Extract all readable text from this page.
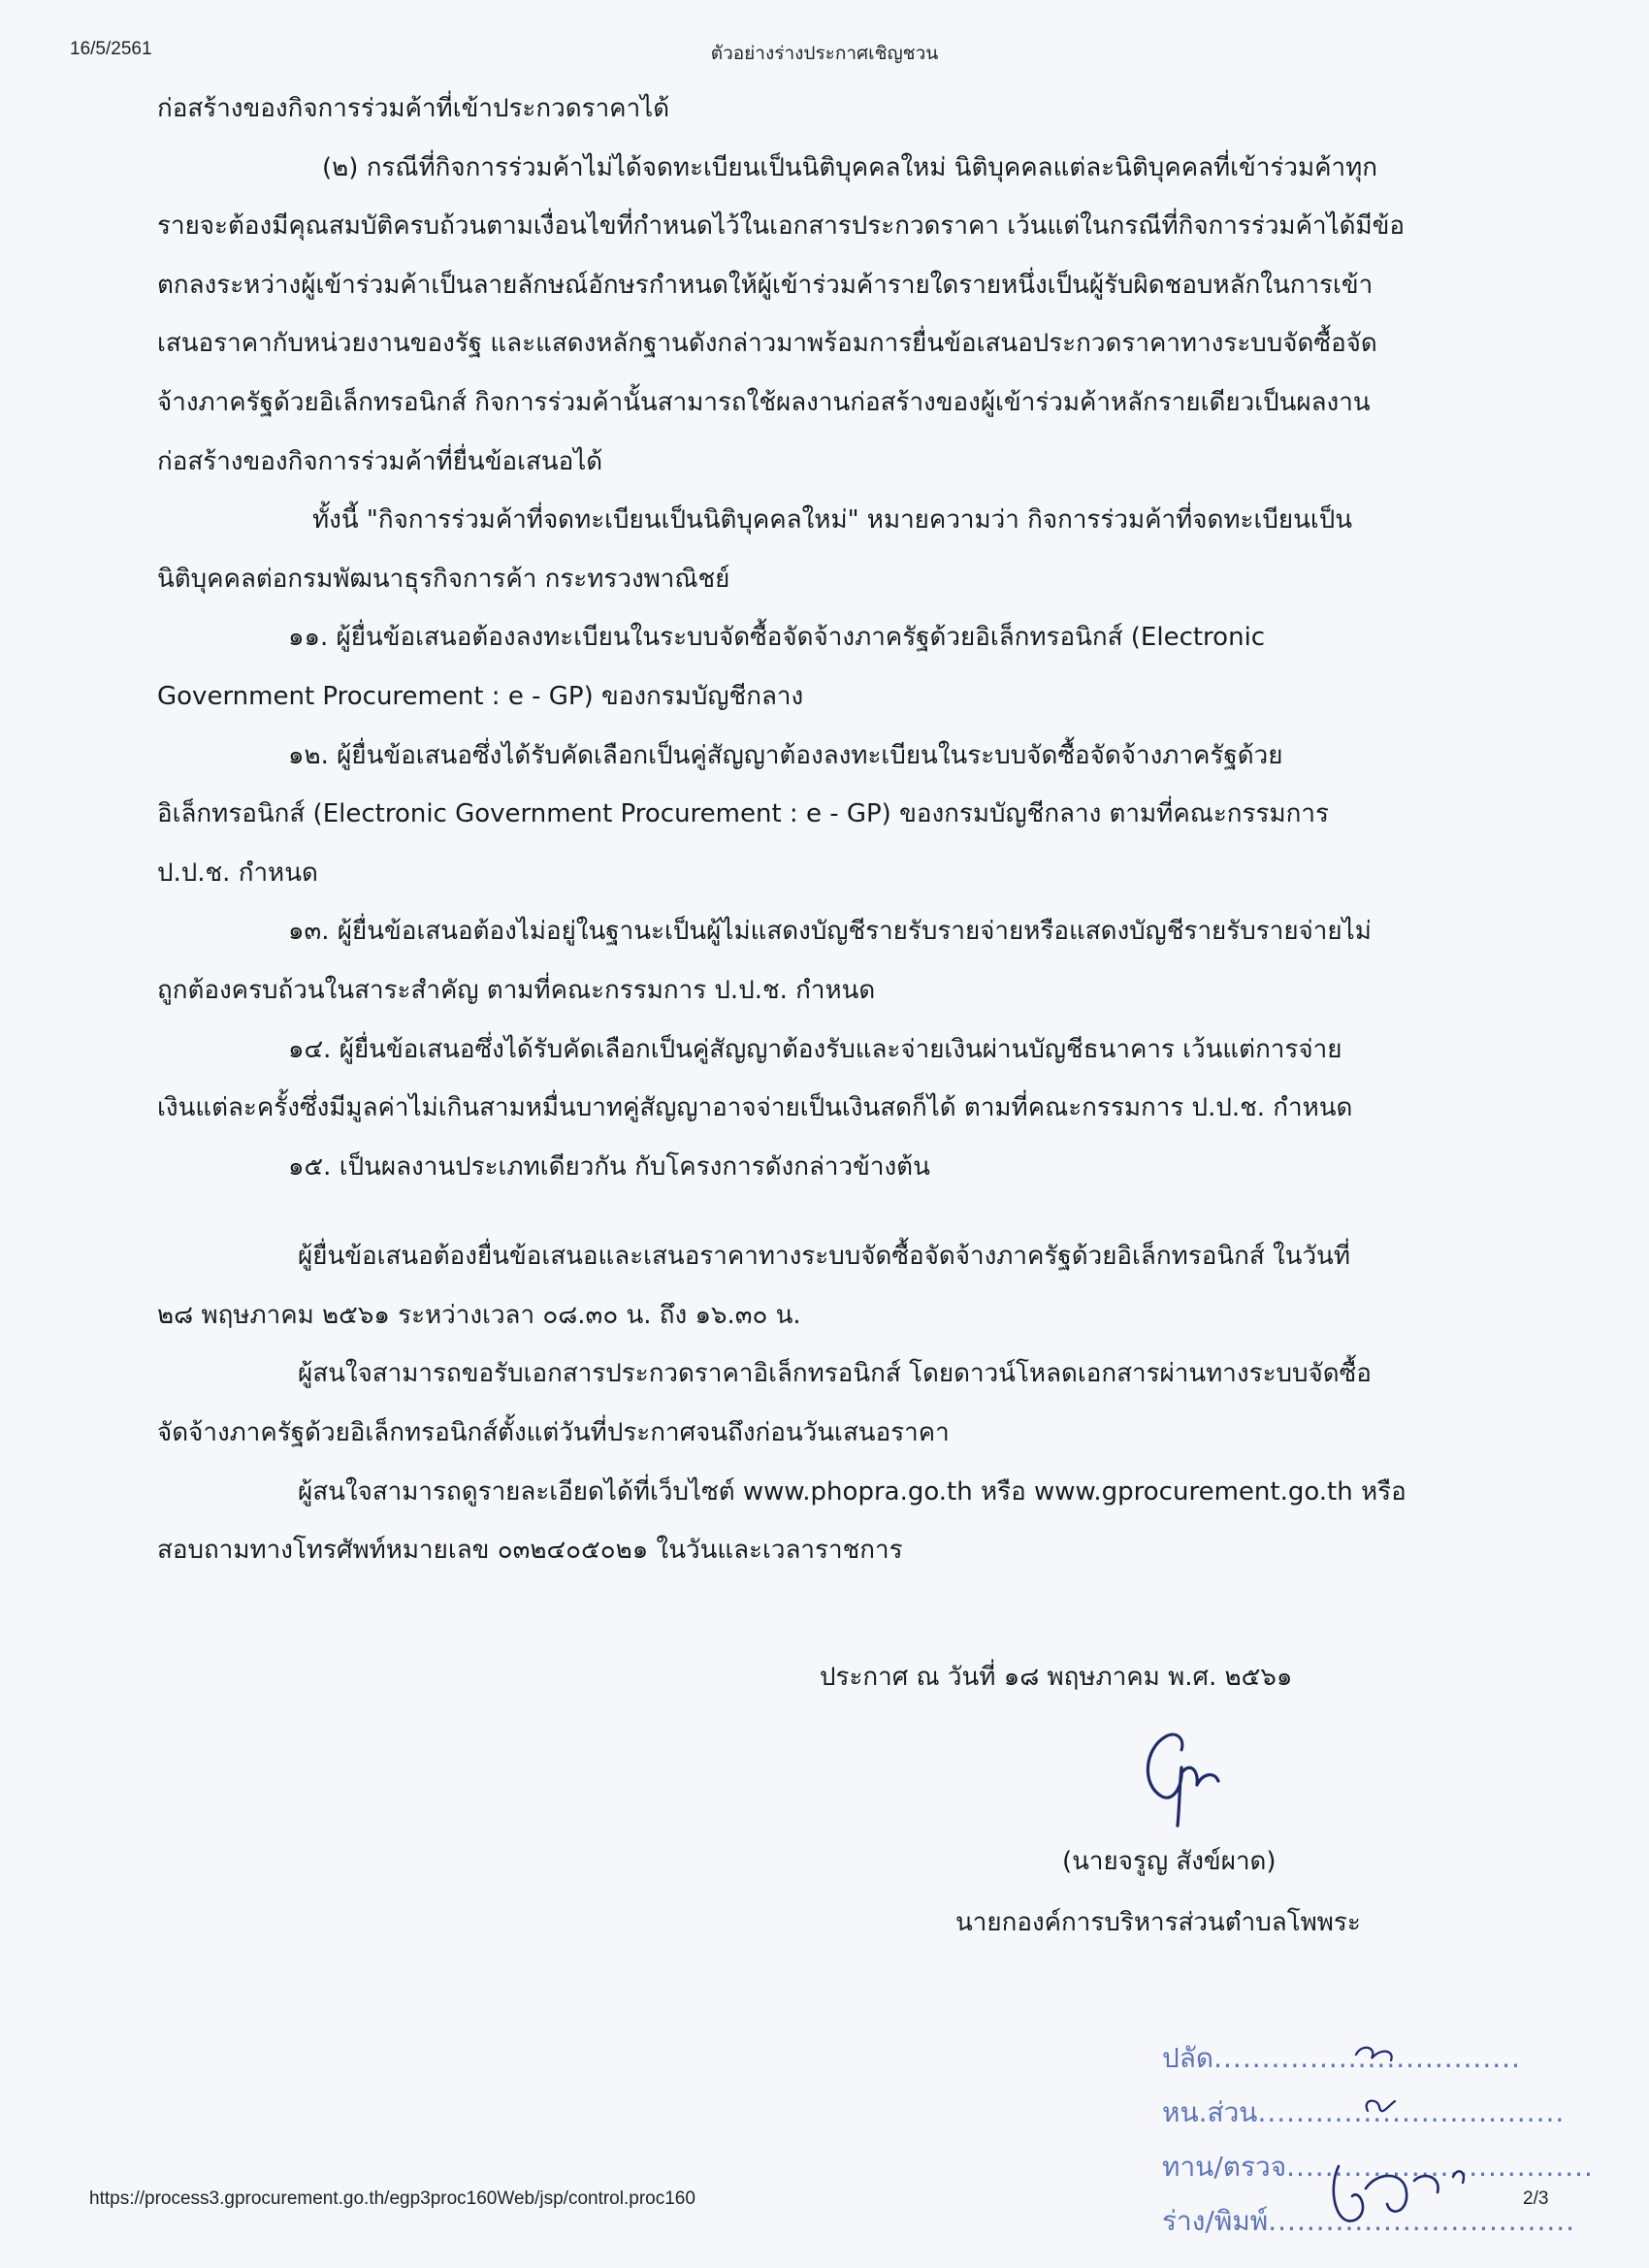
16/5/2561	ตัวอย่างร่างประกาศเชิญชวน
ก่อสร้างของกิจการร่วมค้าที่เข้าประกวดราคาได้
(๒) กรณีที่กิจการร่วมค้าไม่ได้จดทะเบียนเป็นนิติบุคคลใหม่ นิติบุคคลแต่ละนิติบุคคลที่เข้าร่วมค้าทุก
รายจะต้องมีคุณสมบัติครบถ้วนตามเงื่อนไขที่กำหนดไว้ในเอกสารประกวดราคา เว้นแต่ในกรณีที่กิจการร่วมค้าได้มีข้อ
ตกลงระหว่างผู้เข้าร่วมค้าเป็นลายลักษณ์อักษรกำหนดให้ผู้เข้าร่วมค้ารายใดรายหนึ่งเป็นผู้รับผิดชอบหลักในการเข้า
เสนอราคากับหน่วยงานของรัฐ และแสดงหลักฐานดังกล่าวมาพร้อมการยื่นข้อเสนอประกวดราคาทางระบบจัดซื้อจัด
จ้างภาครัฐด้วยอิเล็กทรอนิกส์ กิจการร่วมค้านั้นสามารถใช้ผลงานก่อสร้างของผู้เข้าร่วมค้าหลักรายเดียวเป็นผลงาน
ก่อสร้างของกิจการร่วมค้าที่ยื่นข้อเสนอได้
ทั้งนี้ "กิจการร่วมค้าที่จดทะเบียนเป็นนิติบุคคลใหม่" หมายความว่า กิจการร่วมค้าที่จดทะเบียนเป็น
นิติบุคคลต่อกรมพัฒนาธุรกิจการค้า กระทรวงพาณิชย์
๑๑. ผู้ยื่นข้อเสนอต้องลงทะเบียนในระบบจัดซื้อจัดจ้างภาครัฐด้วยอิเล็กทรอนิกส์ (Electronic
Government Procurement : e - GP) ของกรมบัญชีกลาง
๑๒. ผู้ยื่นข้อเสนอซึ่งได้รับคัดเลือกเป็นคู่สัญญาต้องลงทะเบียนในระบบจัดซื้อจัดจ้างภาครัฐด้วย
อิเล็กทรอนิกส์ (Electronic Government Procurement : e - GP) ของกรมบัญชีกลาง ตามที่คณะกรรมการ
ป.ป.ช. กำหนด
๑๓. ผู้ยื่นข้อเสนอต้องไม่อยู่ในฐานะเป็นผู้ไม่แสดงบัญชีรายรับรายจ่ายหรือแสดงบัญชีรายรับรายจ่ายไม่
ถูกต้องครบถ้วนในสาระสำคัญ ตามที่คณะกรรมการ ป.ป.ช. กำหนด
๑๔. ผู้ยื่นข้อเสนอซึ่งได้รับคัดเลือกเป็นคู่สัญญาต้องรับและจ่ายเงินผ่านบัญชีธนาคาร เว้นแต่การจ่าย
เงินแต่ละครั้งซึ่งมีมูลค่าไม่เกินสามหมื่นบาทคู่สัญญาอาจจ่ายเป็นเงินสดก็ได้ ตามที่คณะกรรมการ ป.ป.ช. กำหนด
๑๕. เป็นผลงานประเภทเดียวกัน กับโครงการดังกล่าวข้างต้น
ผู้ยื่นข้อเสนอต้องยื่นข้อเสนอและเสนอราคาทางระบบจัดซื้อจัดจ้างภาครัฐด้วยอิเล็กทรอนิกส์ ในวันที่
๒๘ พฤษภาคม ๒๕๖๑ ระหว่างเวลา ๐๘.๓๐ น. ถึง ๑๖.๓๐ น.
ผู้สนใจสามารถขอรับเอกสารประกวดราคาอิเล็กทรอนิกส์ โดยดาวน์โหลดเอกสารผ่านทางระบบจัดซื้อ
จัดจ้างภาครัฐด้วยอิเล็กทรอนิกส์ตั้งแต่วันที่ประกาศจนถึงก่อนวันเสนอราคา
ผู้สนใจสามารถดูรายละเอียดได้ที่เว็บไซต์ www.phopra.go.th หรือ www.gprocurement.go.th หรือ
สอบถามทางโทรศัพท์หมายเลข ๐๓๒๔๐๕๐๒๑ ในวันและเวลาราชการ
ประกาศ ณ วันที่ ๑๘ พฤษภาคม พ.ศ. ๒๕๖๑
(นายจรูญ สังข์ผาด)
นายกองค์การบริหารส่วนตำบลโพพระ
ปลัด................................
หน.ส่วน................................
ทาน/ตรวจ................................
ร่าง/พิมพ์................................
https://process3.gprocurement.go.th/egp3proc160Web/jsp/control.proc160	2/3
